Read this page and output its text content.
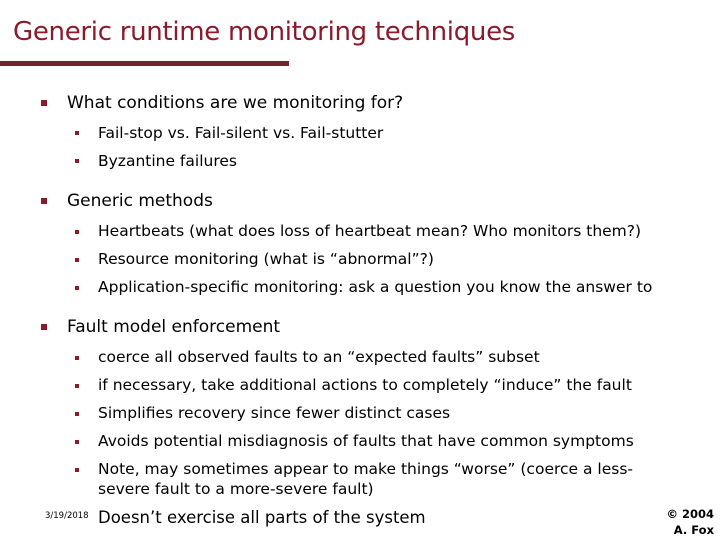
Generic runtime monitoring techniques
What conditions are we monitoring for?
Fail-stop vs. Fail-silent vs. Fail-stutter
Byzantine failures
Generic methods
Heartbeats (what does loss of heartbeat mean? Who monitors them?)
Resource monitoring (what is “abnormal”?)
Application-specific monitoring: ask a question you know the answer to
Fault model enforcement
coerce all observed faults to an “expected faults” subset
if necessary, take additional actions to completely “induce” the fault
Simplifies recovery since fewer distinct cases
Avoids potential misdiagnosis of faults that have common symptoms
Note, may sometimes appear to make things “worse” (coerce a less-
severe fault to a more-severe fault)
Doesn’t exercise all parts of the system
3/19/2018	© 2004
A. Fox
